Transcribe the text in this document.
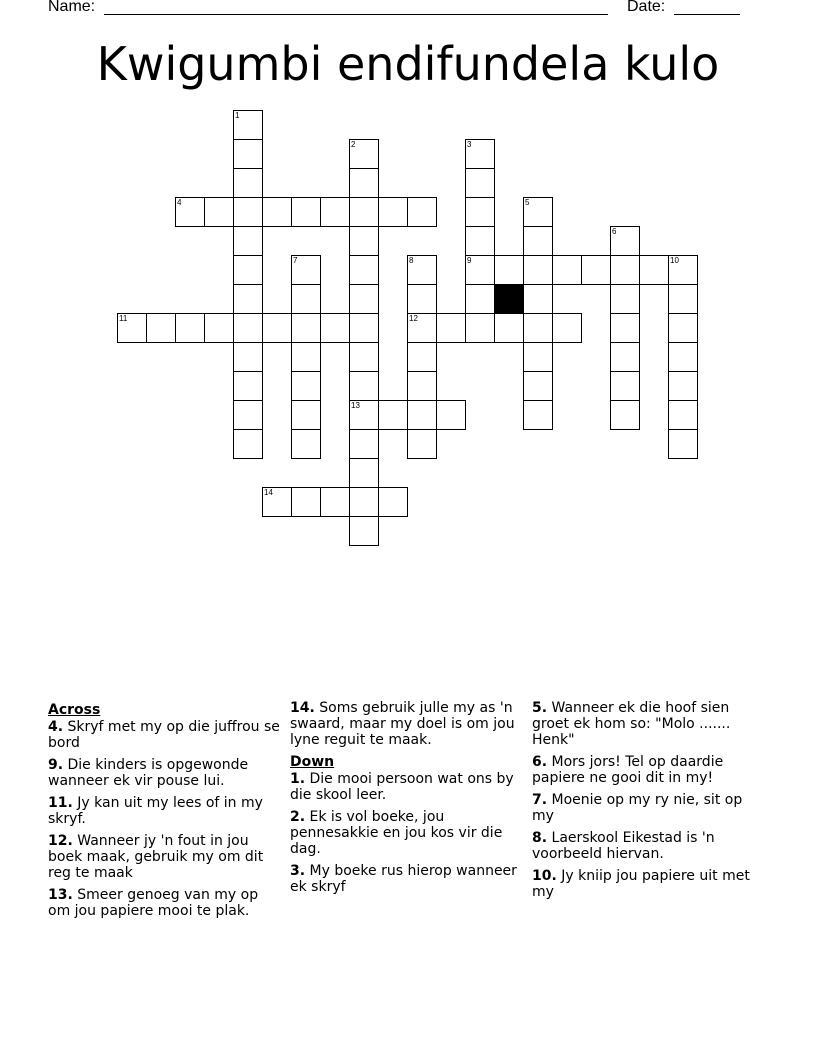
Name:	Date:
Kwigumbi endifundela kulo
1
4
11
7
2
13
14
8
12
3
9	10
5
6
Across
4. Skryf met my op die juffrou se bord
9. Die kinders is opgewonde wanneer ek vir pouse lui.
11. Jy kan uit my lees of in my skryf.
12. Wanneer jy 'n fout in jou boek maak, gebruik my om dit reg te maak
13. Smeer genoeg van my op om jou papiere mooi te plak.
14. Soms gebruik julle my as 'n swaard, maar my doel is om jou lyne reguit te maak.
Down
1. Die mooi persoon wat ons by die skool leer.
2. Ek is vol boeke, jou pennesakkie en jou kos vir die dag.
3. My boeke rus hierop wanneer ek skryf
5. Wanneer ek die hoof sien groet ek hom so: "Molo ....... Henk"
6. Mors jors! Tel op daardie papiere ne gooi dit in my!
7. Moenie op my ry nie, sit op my
8. Laerskool Eikestad is 'n voorbeeld hiervan.
10. Jy kniip jou papiere uit met my
